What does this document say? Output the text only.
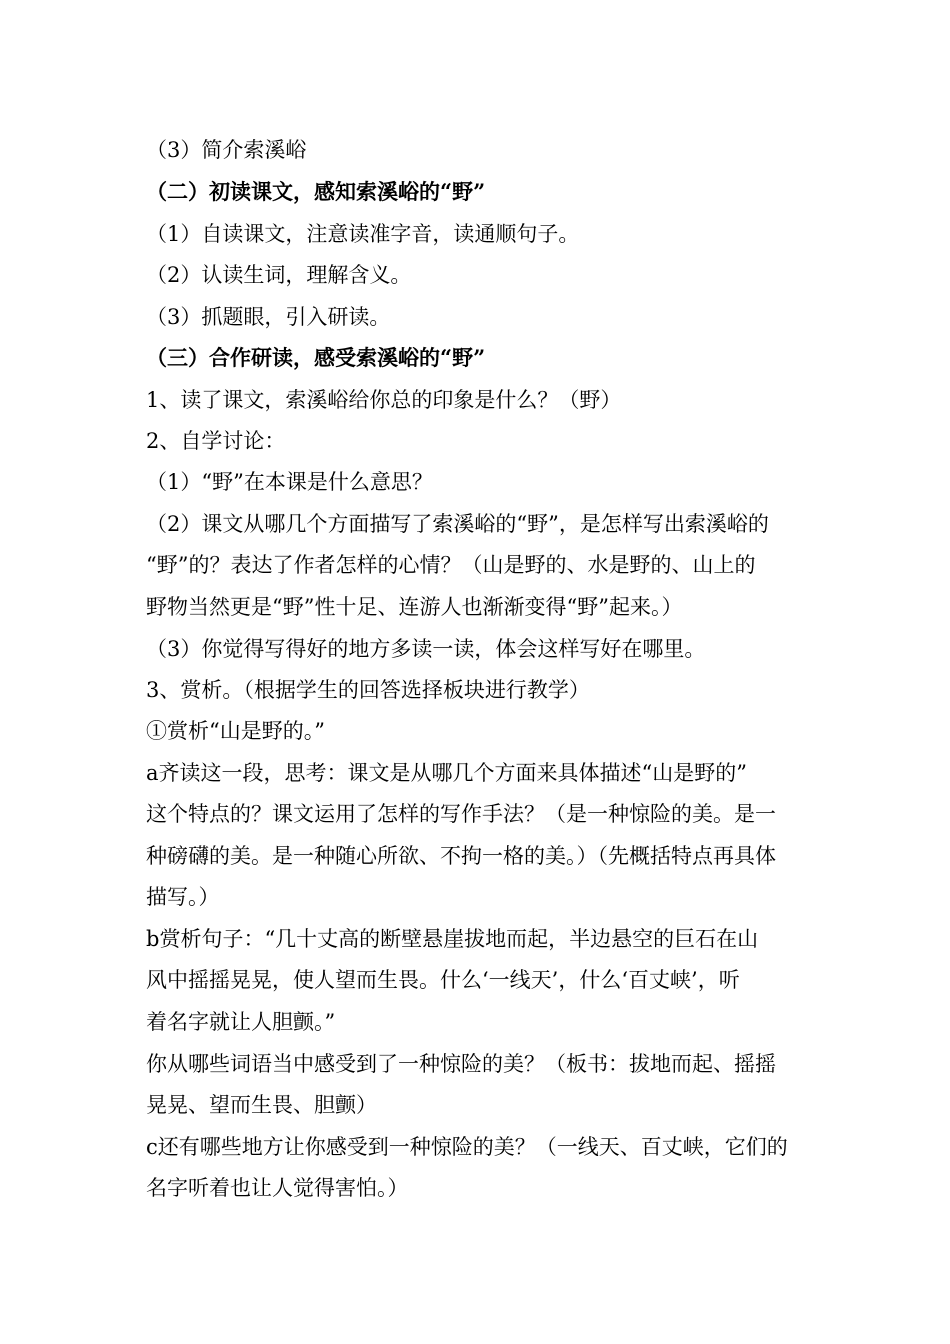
（3）简介索溪峪
（二）初读课文，感知索溪峪的“野”
（1）自读课文，注意读准字音，读通顺句子。
（2）认读生词，理解含义。
（3）抓题眼，引入研读。
（三）合作研读，感受索溪峪的“野”
1、读了课文，索溪峪给你总的印象是什么？（野）
2、自学讨论：
（1）“野”在本课是什么意思？
（2）课文从哪几个方面描写了索溪峪的“野”，是怎样写出索溪峪的
“野”的？表达了作者怎样的心情？（山是野的、水是野的、山上的
野物当然更是“野”性十足、连游人也渐渐变得“野”起来。）
（3）你觉得写得好的地方多读一读，体会这样写好在哪里。
3、赏析。（根据学生的回答选择板块进行教学）
①赏析“山是野的。”
a齐读这一段，思考：课文是从哪几个方面来具体描述“山是野的”
这个特点的？课文运用了怎样的写作手法？（是一种惊险的美。是一
种磅礴的美。是一种随心所欲、不拘一格的美。）（先概括特点再具体
描写。）
b赏析句子：“几十丈高的断壁悬崖拔地而起，半边悬空的巨石在山
风中摇摇晃晃，使人望而生畏。什么‘一线天’，什么‘百丈峡’，听
着名字就让人胆颤。”
你从哪些词语当中感受到了一种惊险的美？（板书：拔地而起、摇摇
晃晃、望而生畏、胆颤）
c还有哪些地方让你感受到一种惊险的美？（一线天、百丈峡，它们的
名字听着也让人觉得害怕。）
